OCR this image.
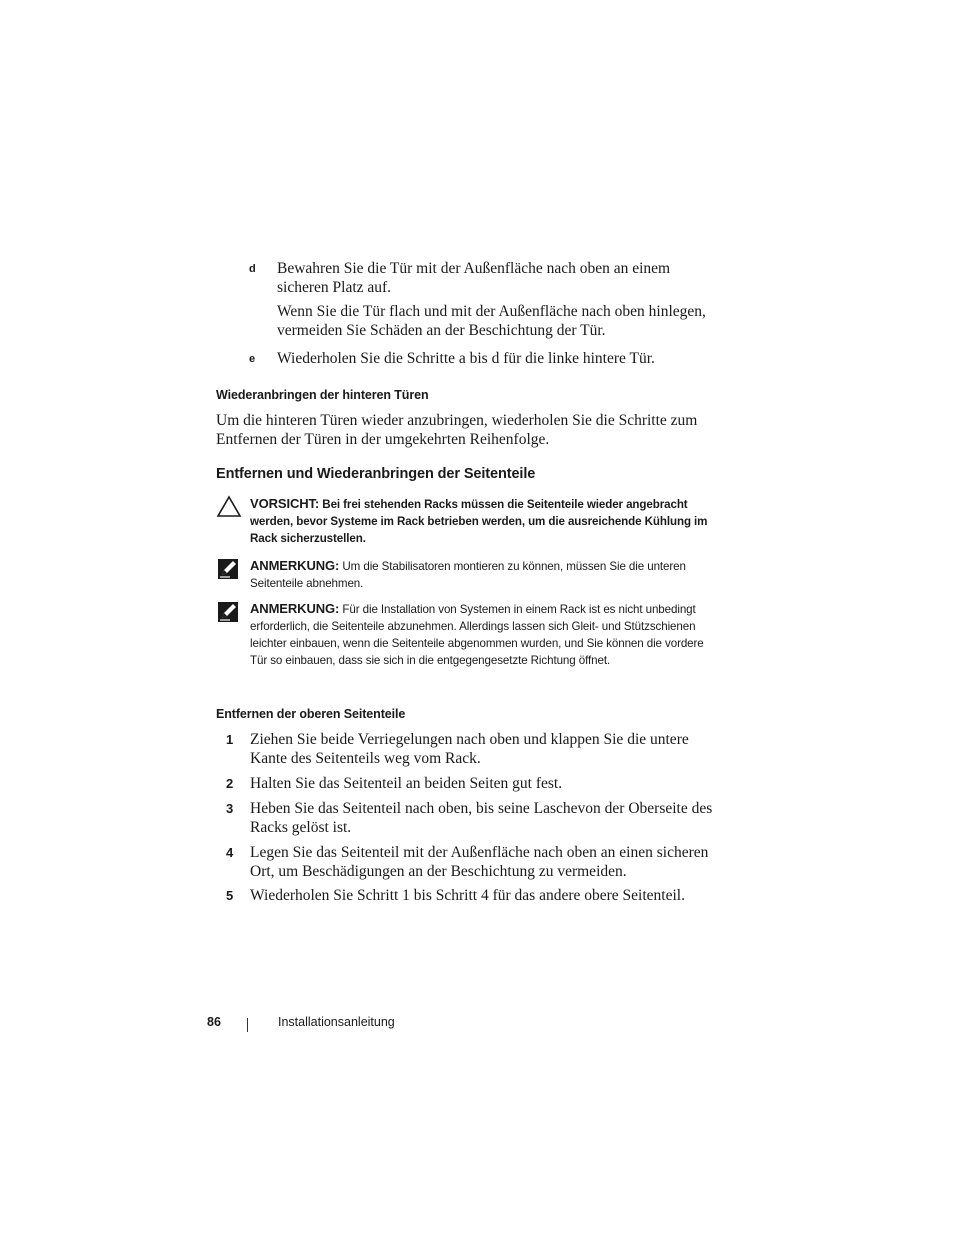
d Bewahren Sie die Tür mit der Außenfläche nach oben an einem sicheren Platz auf.
Wenn Sie die Tür flach und mit der Außenfläche nach oben hinlegen, vermeiden Sie Schäden an der Beschichtung der Tür.
e Wiederholen Sie die Schritte a bis d für die linke hintere Tür.
Wiederanbringen der hinteren Türen
Um die hinteren Türen wieder anzubringen, wiederholen Sie die Schritte zum Entfernen der Türen in der umgekehrten Reihenfolge.
Entfernen und Wiederanbringen der Seitenteile
VORSICHT: Bei frei stehenden Racks müssen die Seitenteile wieder angebracht werden, bevor Systeme im Rack betrieben werden, um die ausreichende Kühlung im Rack sicherzustellen.
ANMERKUNG: Um die Stabilisatoren montieren zu können, müssen Sie die unteren Seitenteile abnehmen.
ANMERKUNG: Für die Installation von Systemen in einem Rack ist es nicht unbedingt erforderlich, die Seitenteile abzunehmen. Allerdings lassen sich Gleit- und Stützschienen leichter einbauen, wenn die Seitenteile abgenommen wurden, und Sie können die vordere Tür so einbauen, dass sie sich in die entgegengesetzte Richtung öffnet.
Entfernen der oberen Seitenteile
1 Ziehen Sie beide Verriegelungen nach oben und klappen Sie die untere Kante des Seitenteils weg vom Rack.
2 Halten Sie das Seitenteil an beiden Seiten gut fest.
3 Heben Sie das Seitenteil nach oben, bis seine Laschevon der Oberseite des Racks gelöst ist.
4 Legen Sie das Seitenteil mit der Außenfläche nach oben an einen sicheren Ort, um Beschädigungen an der Beschichtung zu vermeiden.
5 Wiederholen Sie Schritt 1 bis Schritt 4 für das andere obere Seitenteil.
86	Installationsanleitung
